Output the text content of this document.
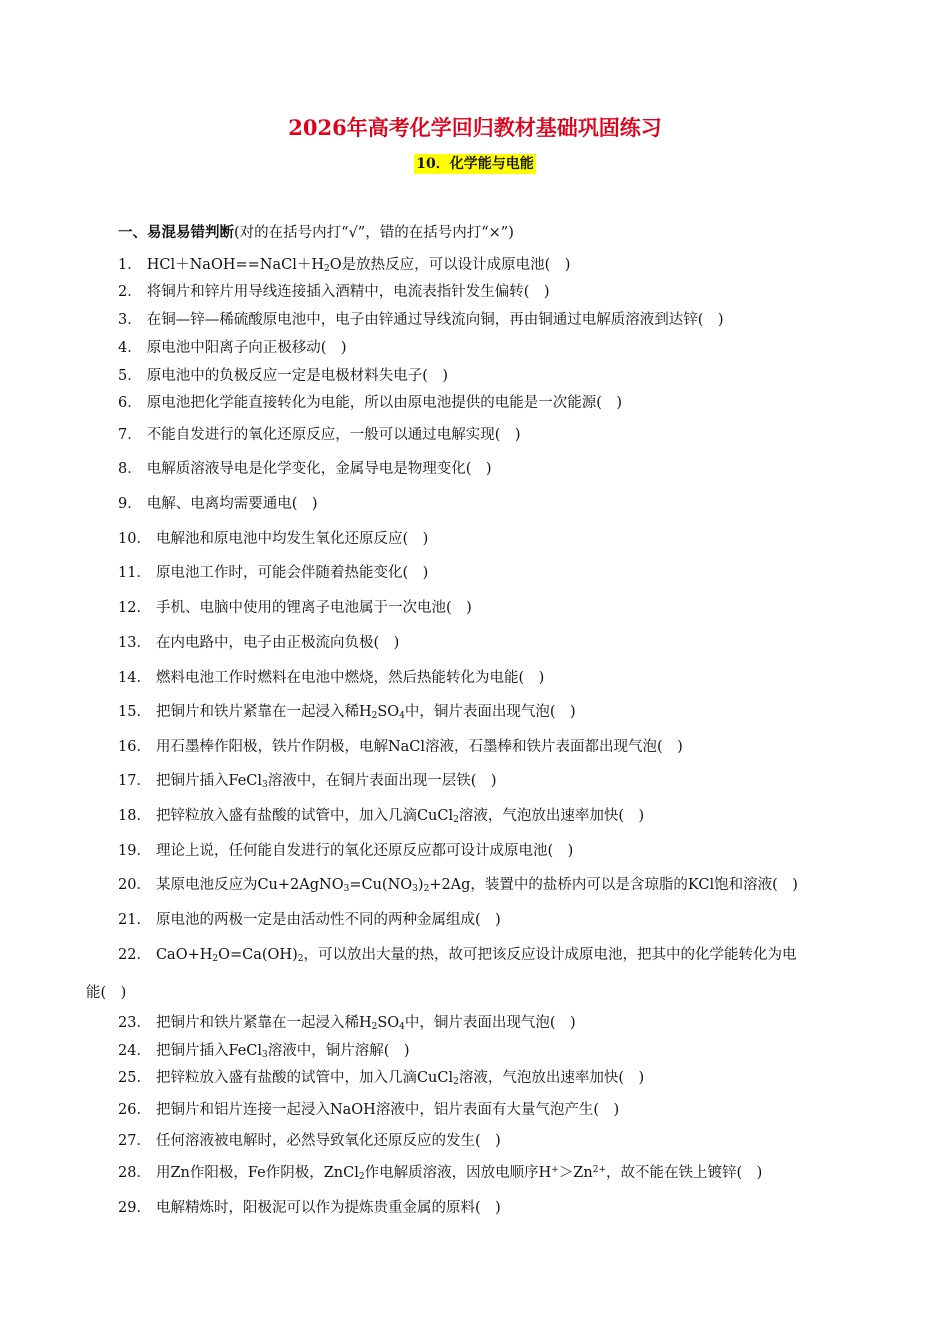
2026年高考化学回归教材基础巩固练习
10．化学能与电能
一、易混易错判断(对的在括号内打“√”，错的在括号内打“×”)
1． $HCl+NaOH==NaCl+H_2O$是放热反应，可以设计成原电池(　)
2． 将铜片和锌片用导线连接插入酒精中，电流表指针发生偏转(　)
3． 在铜—锌—稀硫酸原电池中，电子由锌通过导线流向铜，再由铜通过电解质溶液到达锌(　)
4． 原电池中阳离子向正极移动(　)
5． 原电池中的负极反应一定是电极材料失电子(　)
6． 原电池把化学能直接转化为电能，所以由原电池提供的电能是一次能源(　)
7． 不能自发进行的氧化还原反应，一般可以通过电解实现(　)
8． 电解质溶液导电是化学变化，金属导电是物理变化(　)
9． 电解、电离均需要通电(　)
10． 电解池和原电池中均发生氧化还原反应(　)
11． 原电池工作时，可能会伴随着热能变化(　)
12． 手机、电脑中使用的锂离子电池属于一次电池(　)
13． 在内电路中，电子由正极流向负极(　)
14． 燃料电池工作时燃料在电池中燃烧，然后热能转化为电能(　)
15． 把铜片和铁片紧靠在一起浸入稀$H_2SO_4$中，铜片表面出现气泡(　)
16． 用石墨棒作阳极，铁片作阴极，电解NaCl溶液，石墨棒和铁片表面都出现气泡(　)
17． 把铜片插入FeCl$_3$溶液中，在铜片表面出现一层铁(　)
18． 把锌粒放入盛有盐酸的试管中，加入几滴CuCl$_2$溶液，气泡放出速率加快(　)
19． 理论上说，任何能自发进行的氧化还原反应都可设计成原电池(　)
20． 某原电池反应为$Cu+2AgNO_3=Cu(NO_3)_2+2Ag$，装置中的盐桥内可以是含琼脂的KCl饱和溶液(　)
21． 原电池的两极一定是由活动性不同的两种金属组成(　)
22． $CaO+H_2O=Ca(OH)_2$，可以放出大量的热，故可把该反应设计成原电池，把其中的化学能转化为电
能(　)
23． 把铜片和铁片紧靠在一起浸入稀$H_2SO_4$中，铜片表面出现气泡(　)
24． 把铜片插入FeCl$_3$溶液中，铜片溶解(　)
25． 把锌粒放入盛有盐酸的试管中，加入几滴CuCl$_2$溶液，气泡放出速率加快(　)
26． 把铜片和铝片连接一起浸入NaOH溶液中，铝片表面有大量气泡产生(　)
27． 任何溶液被电解时，必然导致氧化还原反应的发生(　)
28． 用Zn作阳极，Fe作阴极，ZnCl$_2$作电解质溶液，因放电顺序$H^+>Zn^{2+}$，故不能在铁上镀锌(　)
29． 电解精炼时，阳极泥可以作为提炼贵重金属的原料(　)
